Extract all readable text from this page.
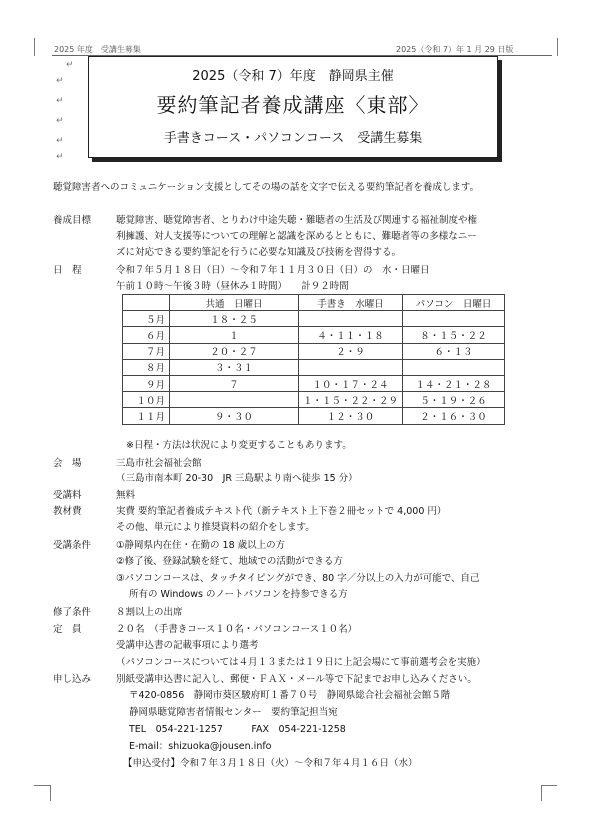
2025 年度　受講生募集	2025（令和 7）年 1 月 29 日版
↵
↵
↵
↵
↵
↵
2025（令和 7）年度　静岡県主催
要約筆記者養成講座〈東部〉
手書きコース・パソコンコース　受講生募集
聴覚障害者へのコミュニケーション支援としてその場の話を文字で伝える要約筆記者を養成します。
養成目標	聴覚障害、聴覚障害者、とりわけ中途失聴・難聴者の生活及び関連する福祉制度や権
利擁護、対人支援等についての理解と認識を深めるとともに、難聴者等の多様なニー
ズに対応できる要約筆記を行うに必要な知識及び技術を習得する。
日　程	令和７年５月１８日（日）～令和７年１１月３０日（日）の　水・日曜日
午前１０時～午後３時（昼休み１時間）　　計９２時間
	共通　日曜日	手書き　水曜日	パソコン　日曜日
５月	１８・２５		
６月	１	４・１１・１８	８・１５・２２
７月	２０・２７	２・９	６・１３
８月	３・３１		
９月	７	１０・１７・２４	１４・２１・２８
１０月		１・１５・２２・２９	５・１９・２６
１１月	９・３０	１２・３０	２・１６・３０
※日程・方法は状況により変更することもあります。
会　場	三島市社会福祉会館
（三島市南本町 20-30　JR 三島駅より南へ徒歩 15 分）
受講料	無料
教材費	実費 要約筆記者養成テキスト代（新テキスト上下巻２冊セットで 4,000 円）
その他、単元により推奨資料の紹介をします。
受講条件	①静岡県内在住・在勤の 18 歳以上の方
②修了後、登録試験を経て、地域での活動ができる方
③パソコンコースは、タッチタイピングができ、80 字／分以上の入力が可能で、自己
所有の Windows のノートパソコンを持参できる方
修了条件	８割以上の出席
定　員	２０名　（手書きコース１０名・パソコンコース１０名）
受講申込書の記載事項により選考
（パソコンコースについては４月１３または１９日に上記会場にて事前選考会を実施）
申し込み	別紙受講申込書に記入し、郵便・ＦＡＸ・メール等で下記までお申し込みください。
〒420-0856　静岡市葵区駿府町１番７０号　静岡県総合社会福祉会館５階
静岡県聴覚障害者情報センター　要約筆記担当宛
TEL　054-221-1257　　　FAX　054-221-1258
E-mail：shizuoka@jousen.info
【申込受付】令和７年３月１８日（火）～令和７年４月１６日（水）
